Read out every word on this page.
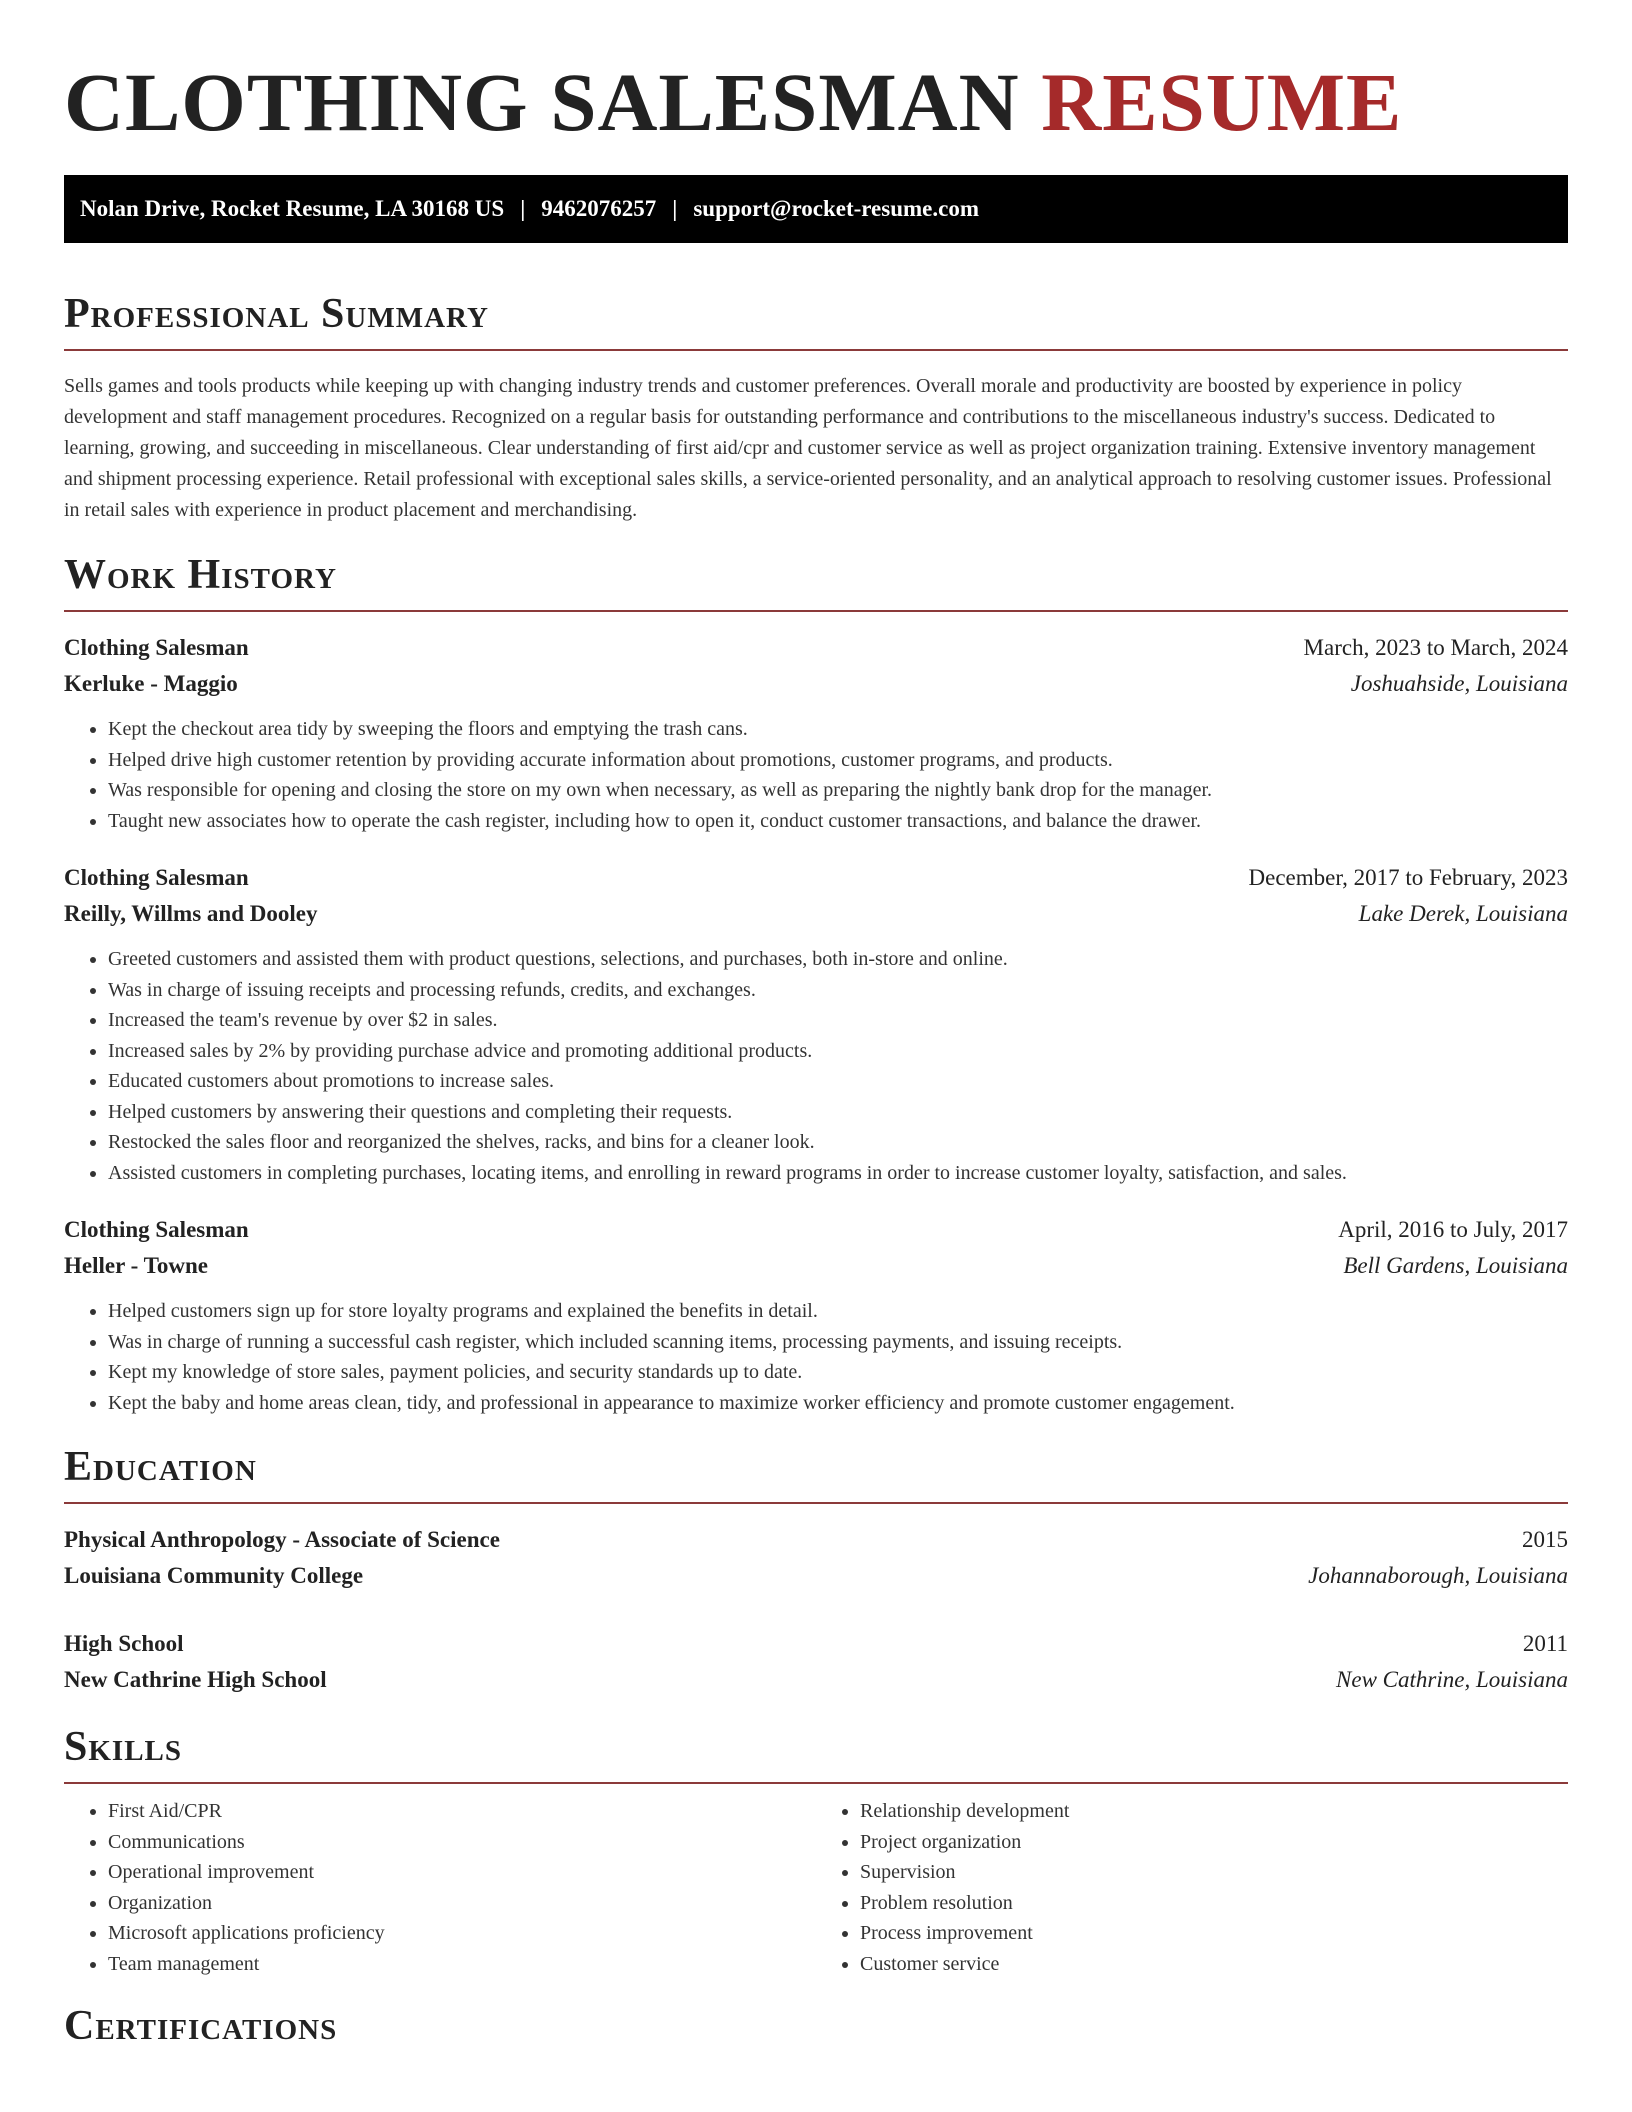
CLOTHING SALESMAN RESUME
Nolan Drive, Rocket Resume, LA 30168 US | 9462076257 | support@rocket-resume.com
Professional Summary

Sells games and tools products while keeping up with changing industry trends and customer preferences. Overall morale and productivity are boosted by experience in policy development and staff management procedures. Recognized on a regular basis for outstanding performance and contributions to the miscellaneous industry's success. Dedicated to learning, growing, and succeeding in miscellaneous. Clear understanding of first aid/cpr and customer service as well as project organization training. Extensive inventory management and shipment processing experience. Retail professional with exceptional sales skills, a service-oriented personality, and an analytical approach to resolving customer issues. Professional in retail sales with experience in product placement and merchandising.

Work History
Clothing Salesman	March, 2023 to March, 2024
Kerluke - Maggio	Joshuahside, Louisiana
• Kept the checkout area tidy by sweeping the floors and emptying the trash cans.
• Helped drive high customer retention by providing accurate information about promotions, customer programs, and products.
• Was responsible for opening and closing the store on my own when necessary, as well as preparing the nightly bank drop for the manager.
• Taught new associates how to operate the cash register, including how to open it, conduct customer transactions, and balance the drawer.
Clothing Salesman	December, 2017 to February, 2023
Reilly, Willms and Dooley	Lake Derek, Louisiana
• Greeted customers and assisted them with product questions, selections, and purchases, both in-store and online.
• Was in charge of issuing receipts and processing refunds, credits, and exchanges.
• Increased the team's revenue by over $2 in sales.
• Increased sales by 2% by providing purchase advice and promoting additional products.
• Educated customers about promotions to increase sales.
• Helped customers by answering their questions and completing their requests.
• Restocked the sales floor and reorganized the shelves, racks, and bins for a cleaner look.
• Assisted customers in completing purchases, locating items, and enrolling in reward programs in order to increase customer loyalty, satisfaction, and sales.
Clothing Salesman	April, 2016 to July, 2017
Heller - Towne	Bell Gardens, Louisiana
• Helped customers sign up for store loyalty programs and explained the benefits in detail.
• Was in charge of running a successful cash register, which included scanning items, processing payments, and issuing receipts.
• Kept my knowledge of store sales, payment policies, and security standards up to date.
• Kept the baby and home areas clean, tidy, and professional in appearance to maximize worker efficiency and promote customer engagement.
Education
Physical Anthropology - Associate of Science	2015
Louisiana Community College	Johannaborough, Louisiana
High School	2011
New Cathrine High School	New Cathrine, Louisiana
Skills
• First Aid/CPR
• Communications
• Operational improvement
• Organization
• Microsoft applications proficiency
• Team management
• Relationship development
• Project organization
• Supervision
• Problem resolution
• Process improvement
• Customer service
Certifications
